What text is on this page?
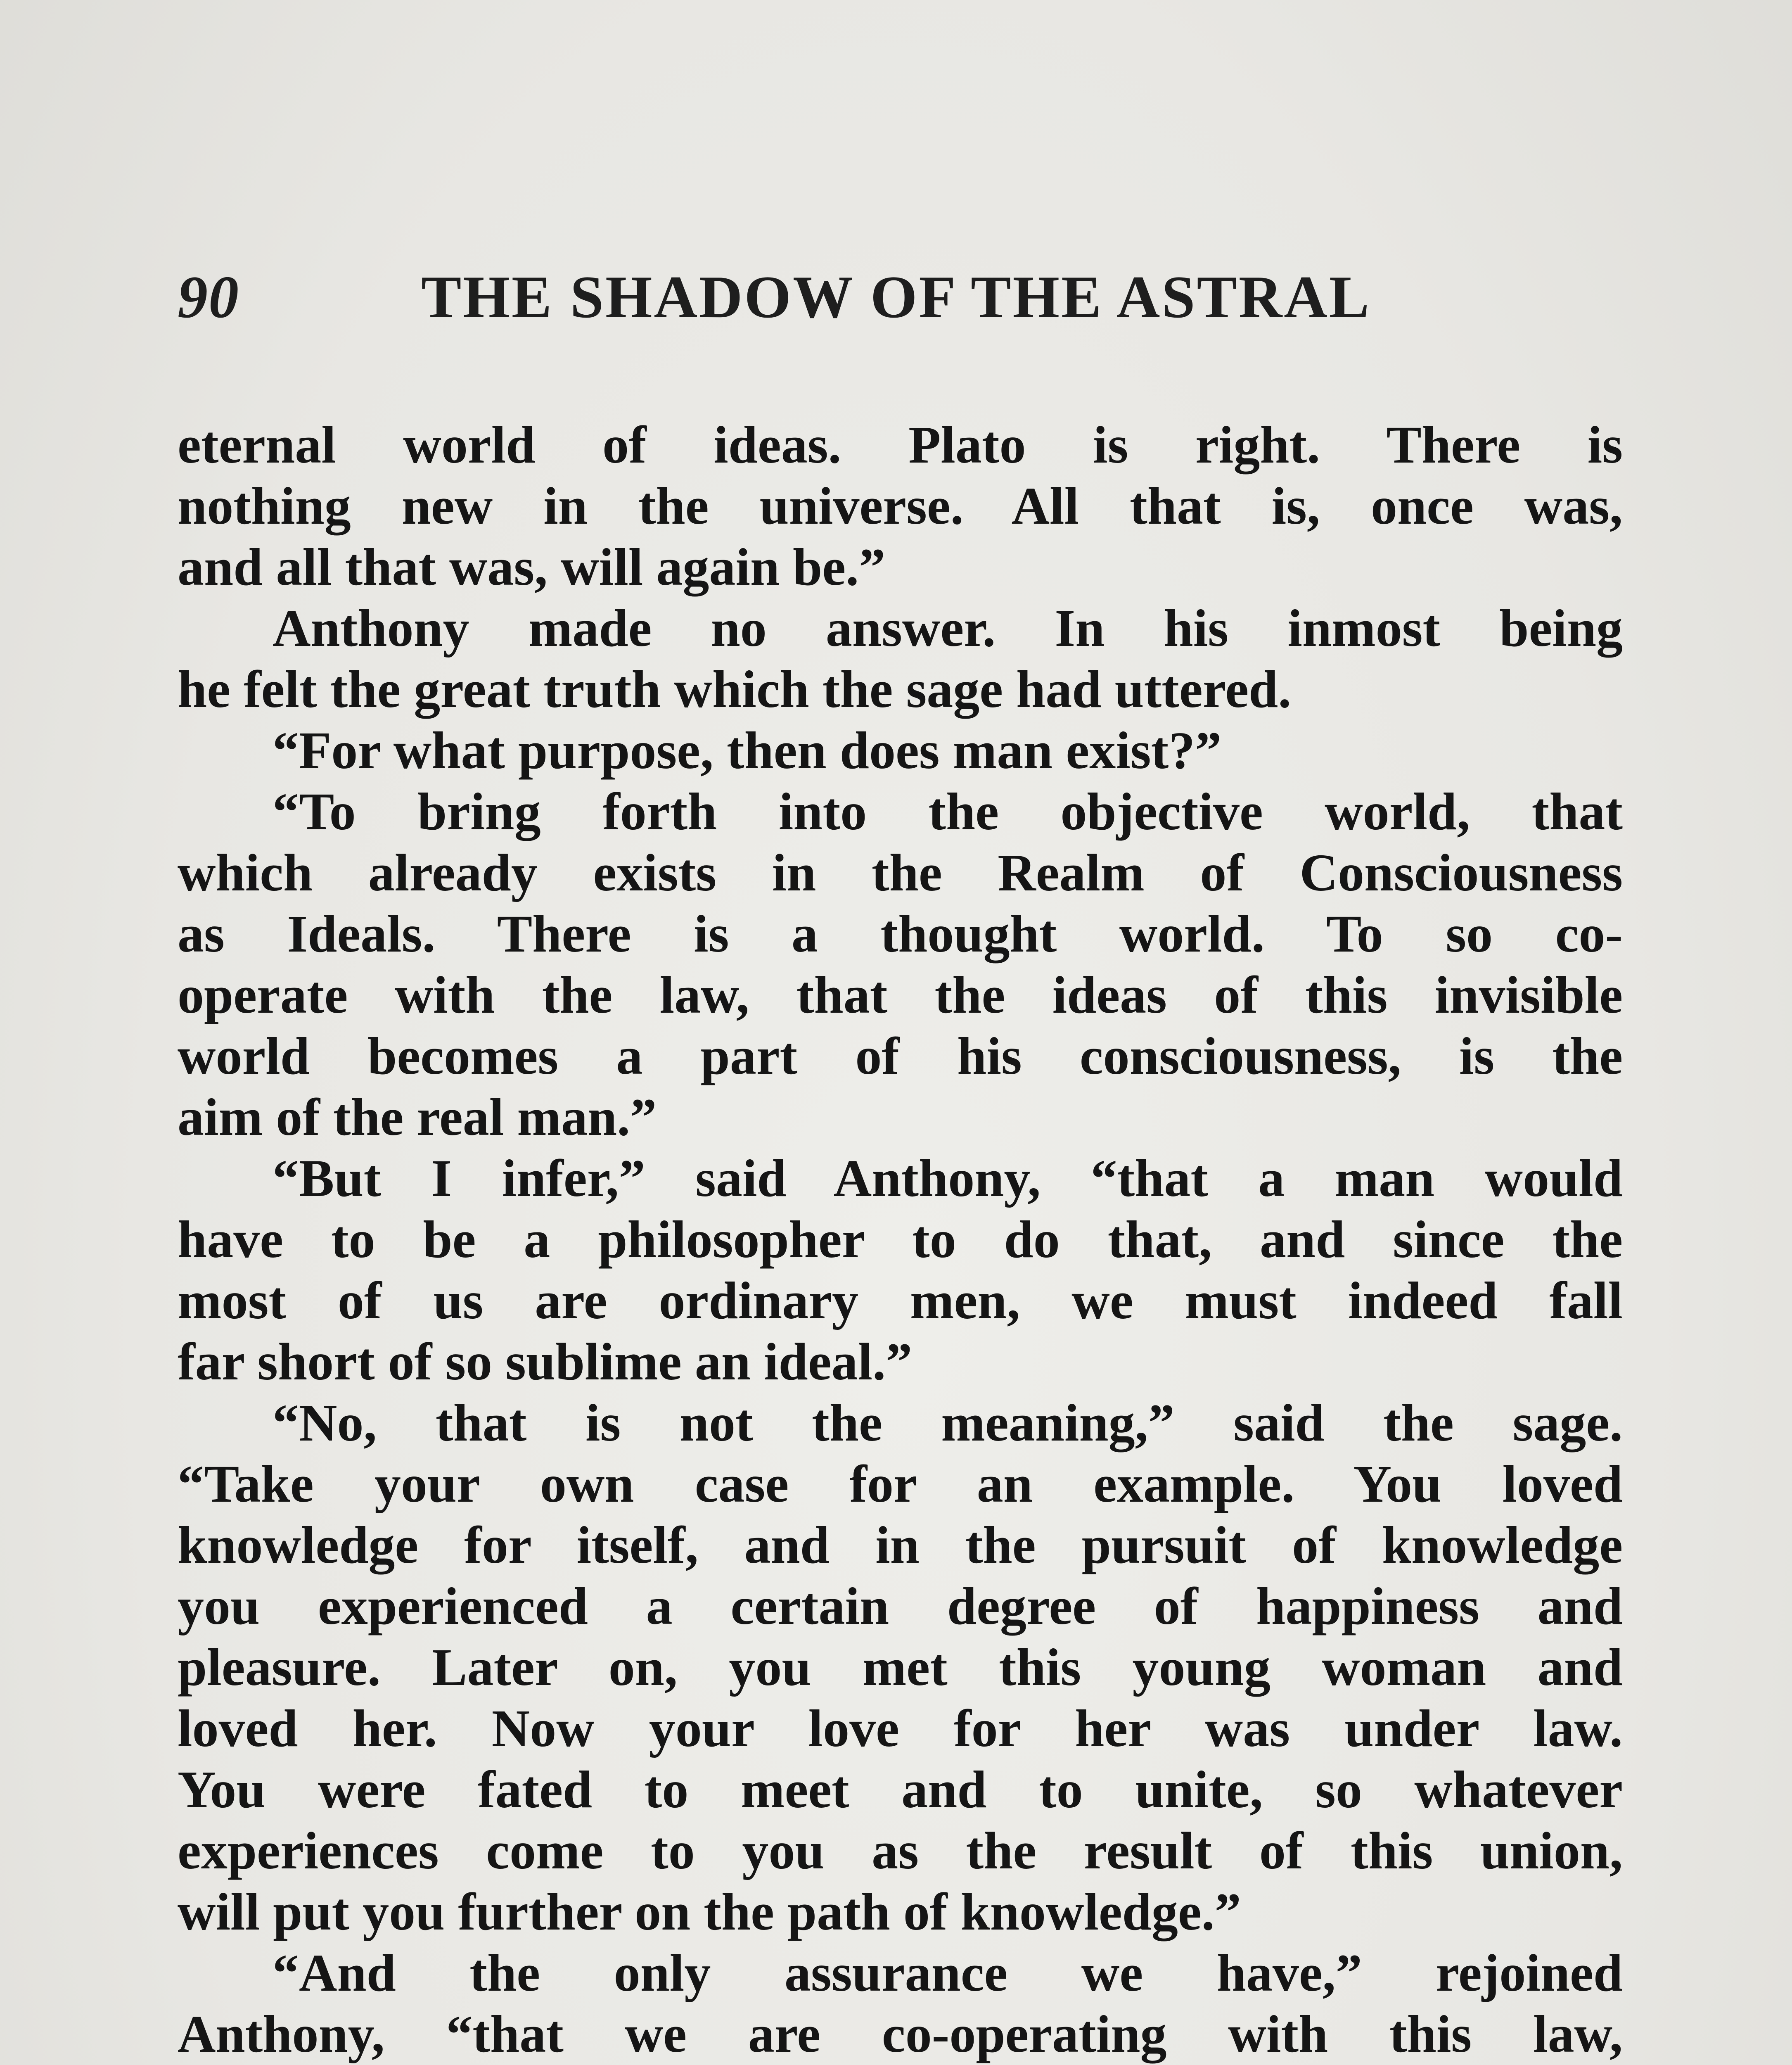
90	THE SHADOW OF THE ASTRAL
eternal world of ideas. Plato is right. There is
nothing new in the universe. All that is, once was,
and all that was, will again be.”
Anthony made no answer. In his inmost being
he felt the great truth which the sage had uttered.
“For what purpose, then does man exist?”
“To bring forth into the objective world, that
which already exists in the Realm of Consciousness
as Ideals. There is a thought world. To so co-
operate with the law, that the ideas of this invisible
world becomes a part of his consciousness, is the
aim of the real man.”
“But I infer,” said Anthony, “that a man would
have to be a philosopher to do that, and since the
most of us are ordinary men, we must indeed fall
far short of so sublime an ideal.”
“No, that is not the meaning,” said the sage.
“Take your own case for an example. You loved
knowledge for itself, and in the pursuit of knowledge
you experienced a certain degree of happiness and
pleasure. Later on, you met this young woman and
loved her. Now your love for her was under law.
You were fated to meet and to unite, so whatever
experiences come to you as the result of this union,
will put you further on the path of knowledge.”
“And the only assurance we have,” rejoined
Anthony, “that we are co-operating with this law,
